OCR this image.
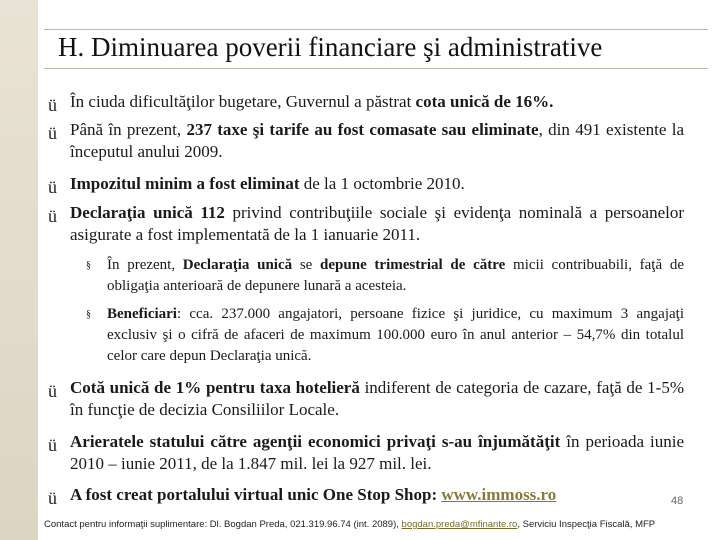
H. Diminuarea poverii financiare şi administrative
ü În ciuda dificultăţilor bugetare, Guvernul a păstrat cota unică de 16%.
ü Până în prezent, 237 taxe şi tarife au fost comasate sau eliminate, din 491 existente la începutul anului 2009.
ü Impozitul minim a fost eliminat de la 1 octombrie 2010.
ü Declaraţia unică 112 privind contribuţiile sociale şi evidenţa nominală a persoanelor asigurate a fost implementată de la 1 ianuarie 2011.
§ În prezent, Declaraţia unică se depune trimestrial de către micii contribuabili, faţă de obligaţia anterioară de depunere lunară a acesteia.
§ Beneficiari: cca. 237.000 angajatori, persoane fizice şi juridice, cu maximum 3 angajaţi exclusiv şi o cifră de afaceri de maximum 100.000 euro în anul anterior – 54,7% din totalul celor care depun Declaraţia unică.
ü Cotă unică de 1% pentru taxa hotelieră indiferent de categoria de cazare, faţă de 1-5% în funcţie de decizia Consiliilor Locale.
ü Arieratele statului către agenţii economici privaţi s-au înjumătăţit în perioada iunie 2010 – iunie 2011, de la 1.847 mil. lei la 927 mil. lei.
ü A fost creat portalului virtual unic One Stop Shop: www.immoss.ro	48
Contact pentru informaţii suplimentare: Dl. Bogdan Preda, 021.319.96.74 (int. 2089), bogdan.preda@mfinante.ro, Serviciu Inspecţia Fiscală, MFP
